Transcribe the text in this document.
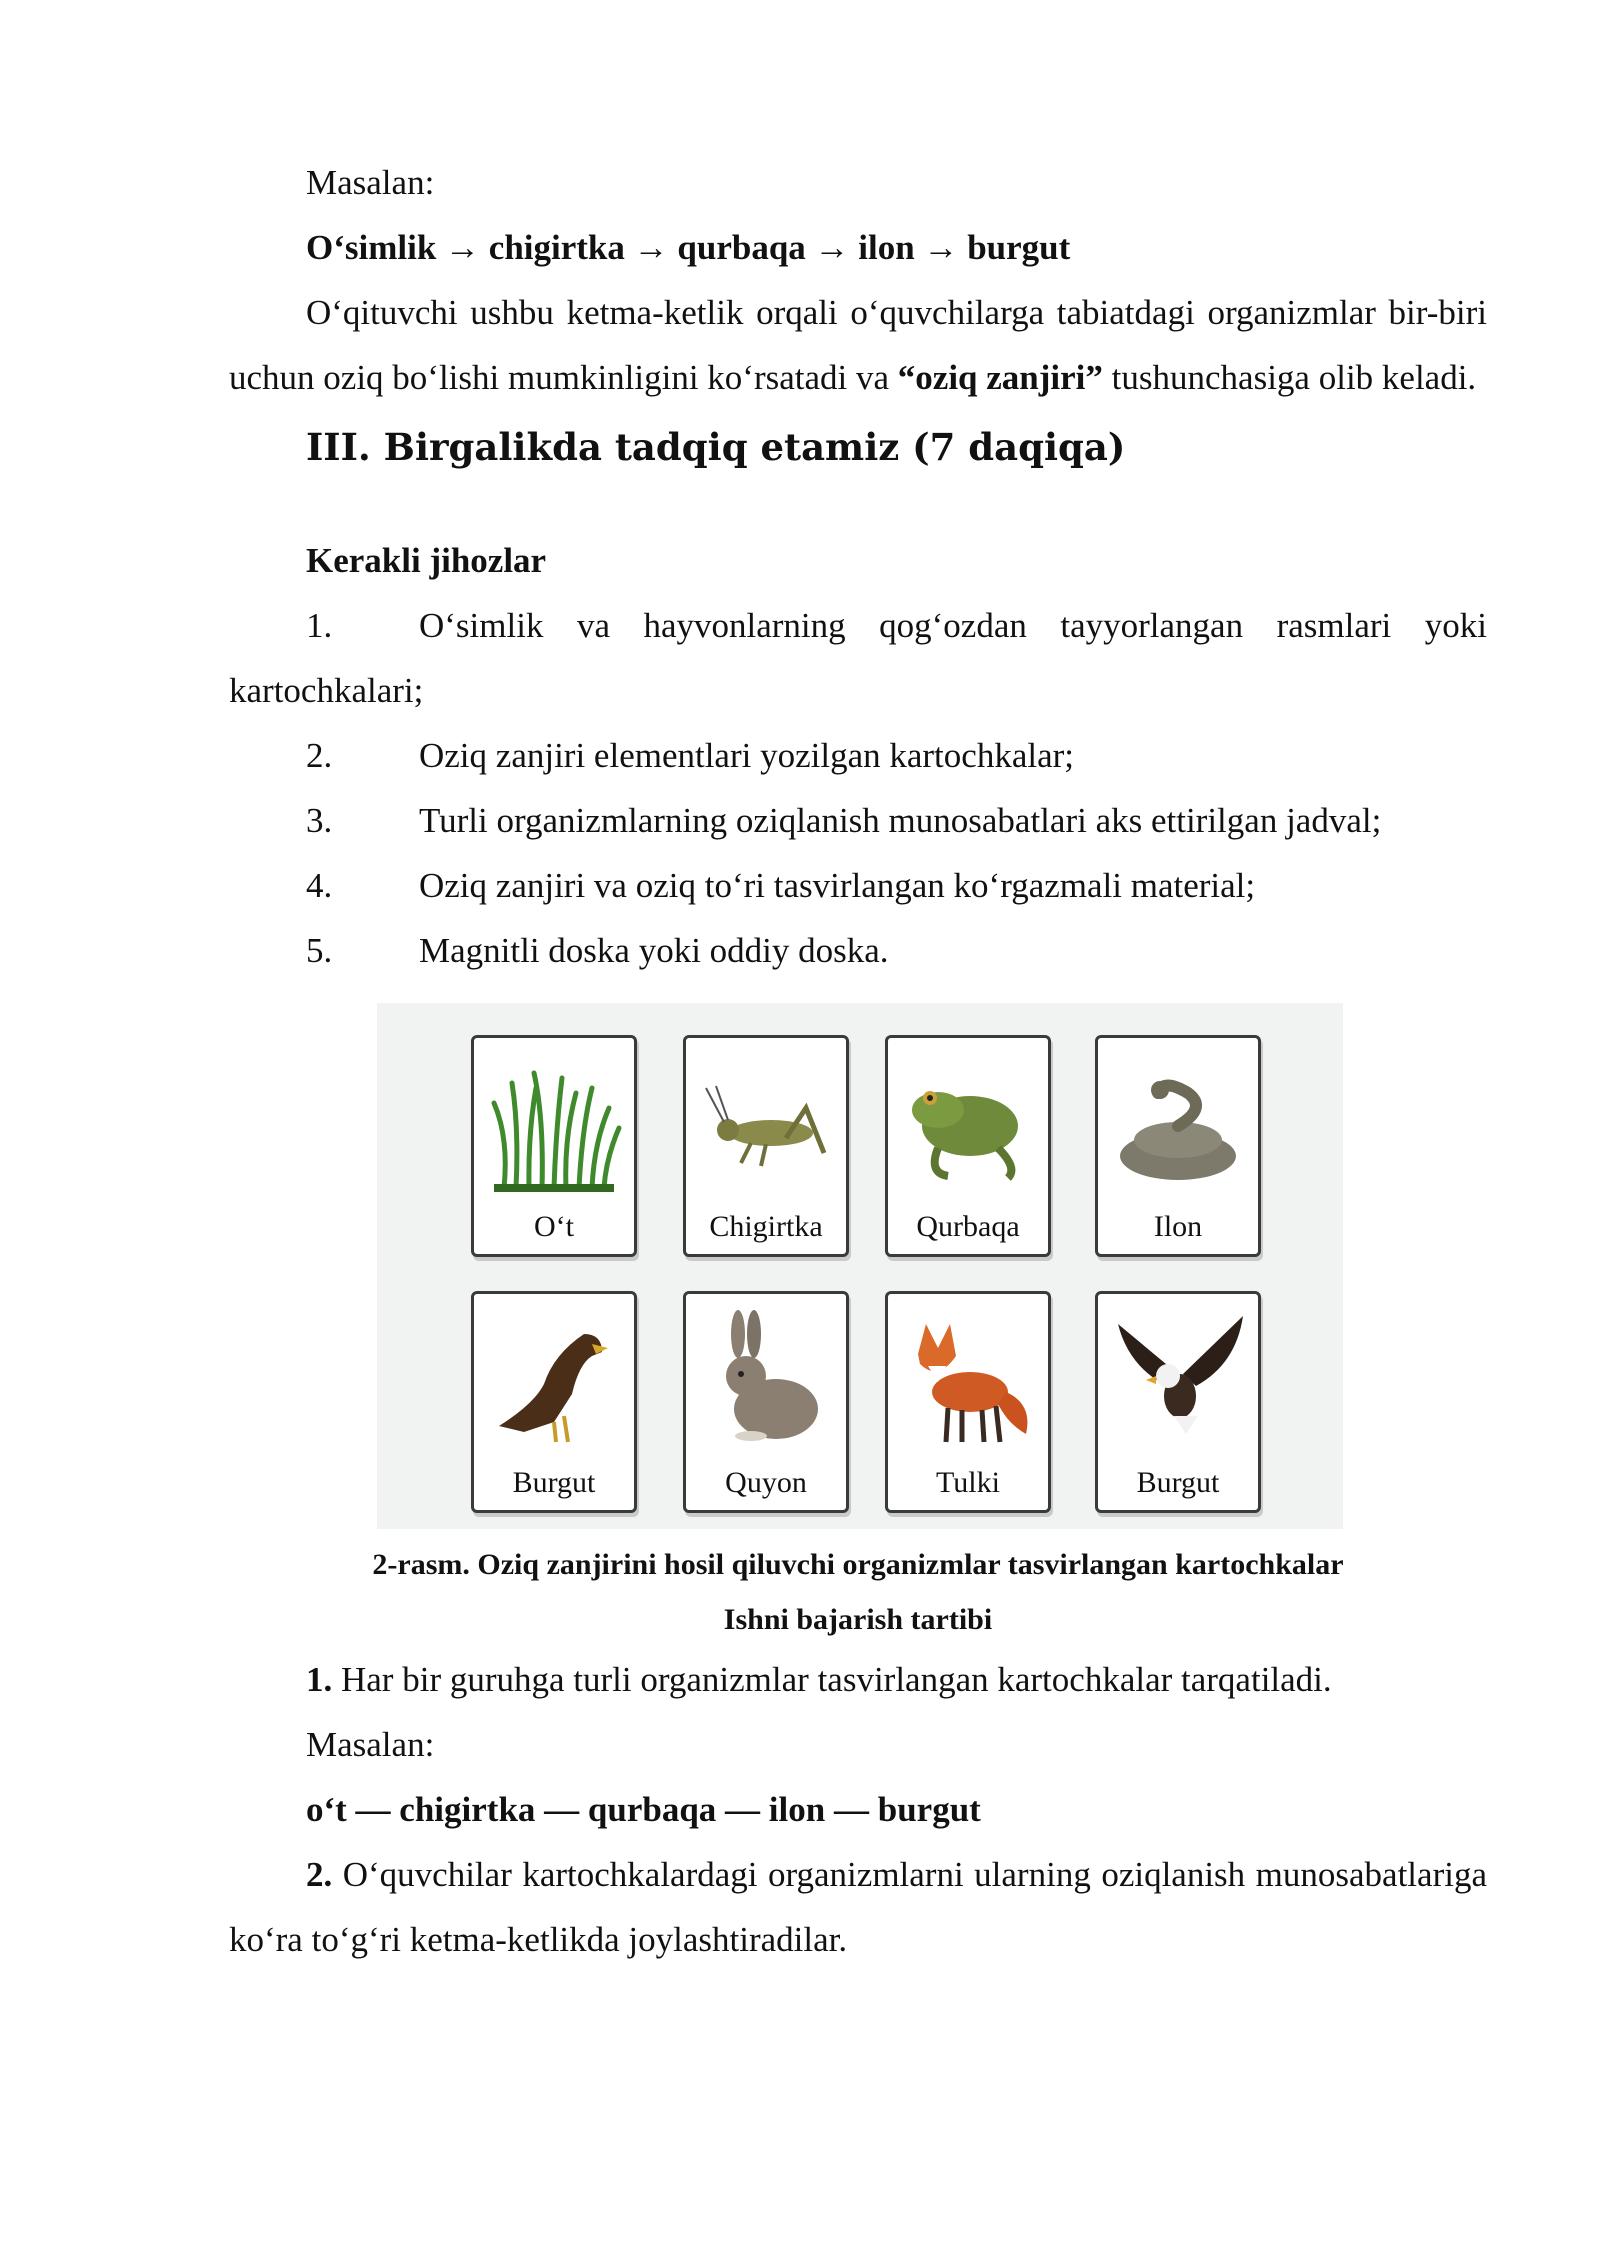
Masalan:

O‘simlik → chigirtka → qurbaqa → ilon → burgut

O‘qituvchi ushbu ketma-ketlik orqali o‘quvchilarga tabiatdagi organizmlar bir-biri uchun oziq bo‘lishi mumkinligini ko‘rsatadi va “oziq zanjiri” tushunchasiga olib keladi.

III. Birgalikda tadqiq etamiz (7 daqiqa)

Kerakli jihozlar

1. O‘simlik va hayvonlarning qog‘ozdan tayyorlangan rasmlari yoki kartochkalari;

2.	Oziq zanjiri elementlari yozilgan kartochkalar;
3.	Turli organizmlarning oziqlanish munosabatlari aks ettirilgan jadval;
4.	Oziq zanjiri va oziq to‘ri tasvirlangan ko‘rgazmali material;
5.	Magnitli doska yoki oddiy doska.
O‘t	Chigirtka	Qurbaqa	Ilon
Burgut	Quyon	Tulki	Burgut

2-rasm. Oziq zanjirini hosil qiluvchi organizmlar tasvirlangan kartochkalar

Ishni bajarish tartibi

1. Har bir guruhga turli organizmlar tasvirlangan kartochkalar tarqatiladi.

Masalan:

o‘t — chigirtka — qurbaqa — ilon — burgut

2. O‘quvchilar kartochkalardagi organizmlarni ularning oziqlanish munosabatlariga ko‘ra to‘g‘ri ketma-ketlikda joylashtiradilar.
